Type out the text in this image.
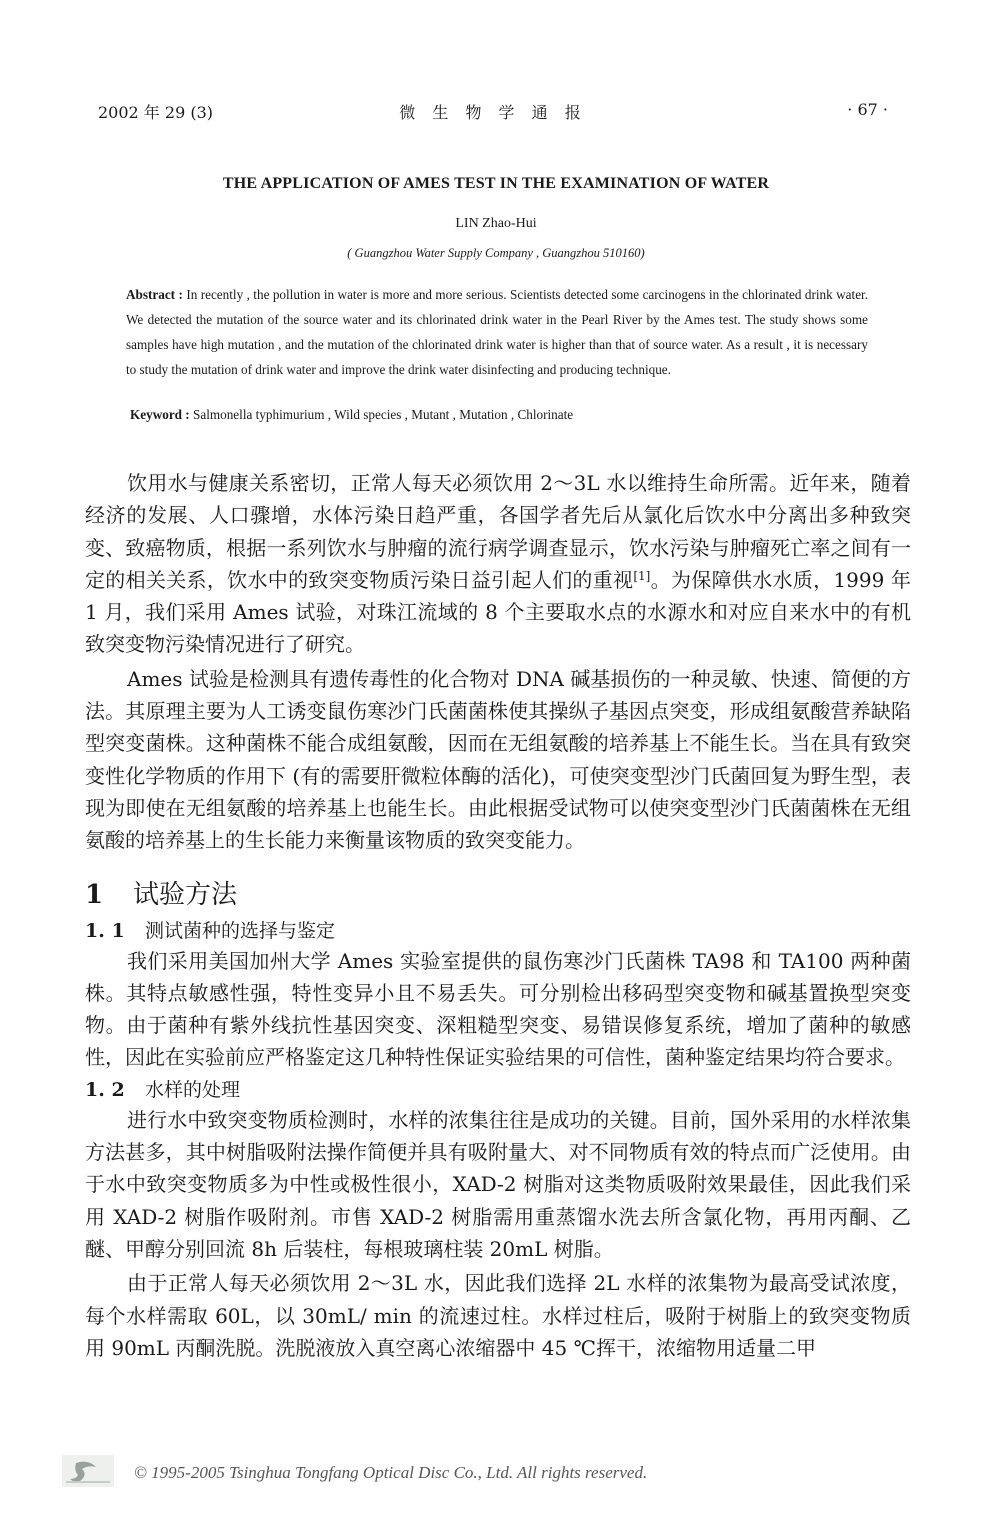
2002 年 29 (3)	微 生 物 学 通 报	· 67 ·
THE APPLICATION OF AMES TEST IN THE EXAMINATION OF WATER
LIN Zhao-Hui
( Guangzhou Water Supply Company , Guangzhou 510160)
Abstract : In recently , the pollution in water is more and more serious. Scientists detected some carcinogens in the chlorinated drink water. We detected the mutation of the source water and its chlorinated drink water in the Pearl River by the Ames test. The study shows some samples have high mutation , and the mutation of the chlorinated drink water is higher than that of source water. As a result , it is necessary to study the mutation of drink water and improve the drink water disinfecting and producing technique.
Keyword : Salmonella typhimurium , Wild species , Mutant , Mutation , Chlorinate

饮用水与健康关系密切，正常人每天必须饮用 2～3L 水以维持生命所需。近年来，随着经济的发展、人口骤增，水体污染日趋严重，各国学者先后从氯化后饮水中分离出多种致突变、致癌物质，根据一系列饮水与肿瘤的流行病学调查显示，饮水污染与肿瘤死亡率之间有一定的相关关系，饮水中的致突变物质污染日益引起人们的重视[1]。为保障供水水质，1999 年 1 月，我们采用 Ames 试验，对珠江流域的 8 个主要取水点的水源水和对应自来水中的有机致突变物污染情况进行了研究。

Ames 试验是检测具有遗传毒性的化合物对 DNA 碱基损伤的一种灵敏、快速、简便的方法。其原理主要为人工诱变鼠伤寒沙门氏菌菌株使其操纵子基因点突变，形成组氨酸营养缺陷型突变菌株。这种菌株不能合成组氨酸，因而在无组氨酸的培养基上不能生长。当在具有致突变性化学物质的作用下 (有的需要肝微粒体酶的活化)，可使突变型沙门氏菌回复为野生型，表现为即使在无组氨酸的培养基上也能生长。由此根据受试物可以使突变型沙门氏菌菌株在无组氨酸的培养基上的生长能力来衡量该物质的致突变能力。

1 试验方法
1. 1 测试菌种的选择与鉴定

我们采用美国加州大学 Ames 实验室提供的鼠伤寒沙门氏菌株 TA98 和 TA100 两种菌株。其特点敏感性强，特性变异小且不易丢失。可分别检出移码型突变物和碱基置换型突变物。由于菌种有紫外线抗性基因突变、深粗糙型突变、易错误修复系统，增加了菌种的敏感性，因此在实验前应严格鉴定这几种特性保证实验结果的可信性，菌种鉴定结果均符合要求。

1. 2 水样的处理

进行水中致突变物质检测时，水样的浓集往往是成功的关键。目前，国外采用的水样浓集方法甚多，其中树脂吸附法操作简便并具有吸附量大、对不同物质有效的特点而广泛使用。由于水中致突变物质多为中性或极性很小，XAD-2 树脂对这类物质吸附效果最佳，因此我们采用 XAD-2 树脂作吸附剂。市售 XAD-2 树脂需用重蒸馏水洗去所含氯化物，再用丙酮、乙醚、甲醇分别回流 8h 后装柱，每根玻璃柱装 20mL 树脂。

由于正常人每天必须饮用 2～3L 水，因此我们选择 2L 水样的浓集物为最高受试浓度，每个水样需取 60L，以 30mL/ min 的流速过柱。水样过柱后，吸附于树脂上的致突变物质用 90mL 丙酮洗脱。洗脱液放入真空离心浓缩器中 45 ℃挥干，浓缩物用适量二甲

© 1995-2005 Tsinghua Tongfang Optical Disc Co., Ltd. All rights reserved.
